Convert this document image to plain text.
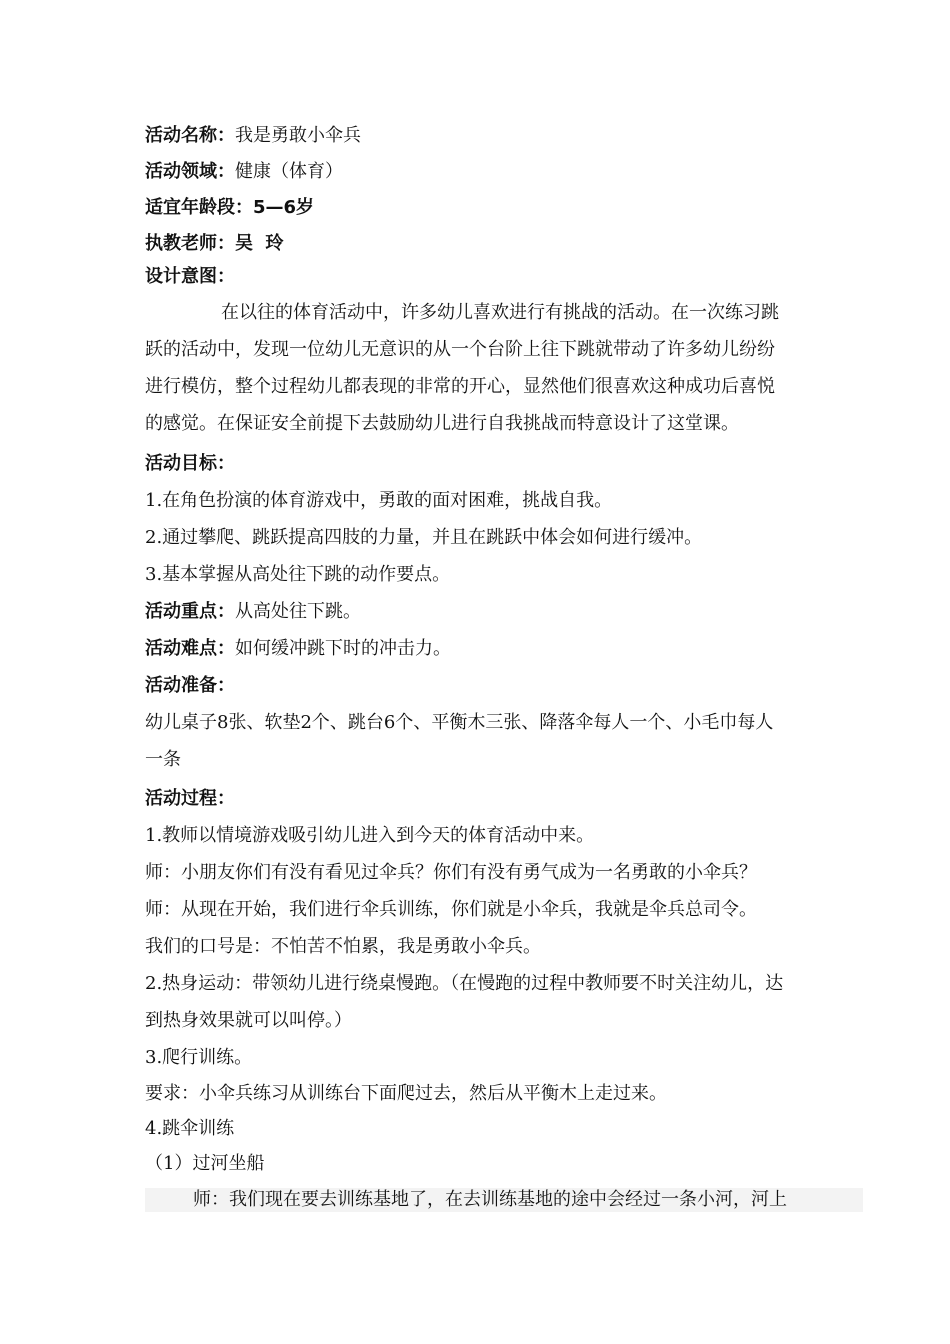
活动名称：我是勇敢小伞兵
活动领域：健康（体育）
适宜年龄段：5—6岁
执教老师：吴  玲
设计意图：
在以往的体育活动中，许多幼儿喜欢进行有挑战的活动。在一次练习跳
跃的活动中，发现一位幼儿无意识的从一个台阶上往下跳就带动了许多幼儿纷纷
进行模仿，整个过程幼儿都表现的非常的开心，显然他们很喜欢这种成功后喜悦
的感觉。在保证安全前提下去鼓励幼儿进行自我挑战而特意设计了这堂课。
活动目标：
1.在角色扮演的体育游戏中，勇敢的面对困难，挑战自我。
2.通过攀爬、跳跃提高四肢的力量，并且在跳跃中体会如何进行缓冲。
3.基本掌握从高处往下跳的动作要点。
活动重点：从高处往下跳。
活动难点：如何缓冲跳下时的冲击力。
活动准备：
幼儿桌子8张、软垫2个、跳台6个、平衡木三张、降落伞每人一个、小毛巾每人
一条
活动过程：
1.教师以情境游戏吸引幼儿进入到今天的体育活动中来。
师：小朋友你们有没有看见过伞兵？你们有没有勇气成为一名勇敢的小伞兵？
师：从现在开始，我们进行伞兵训练，你们就是小伞兵，我就是伞兵总司令。
我们的口号是：不怕苦不怕累，我是勇敢小伞兵。
2.热身运动：带领幼儿进行绕桌慢跑。（在慢跑的过程中教师要不时关注幼儿，达
到热身效果就可以叫停。）
3.爬行训练。
要求：小伞兵练习从训练台下面爬过去，然后从平衡木上走过来。
4.跳伞训练
（1）过河坐船
师：我们现在要去训练基地了，在去训练基地的途中会经过一条小河，河上
